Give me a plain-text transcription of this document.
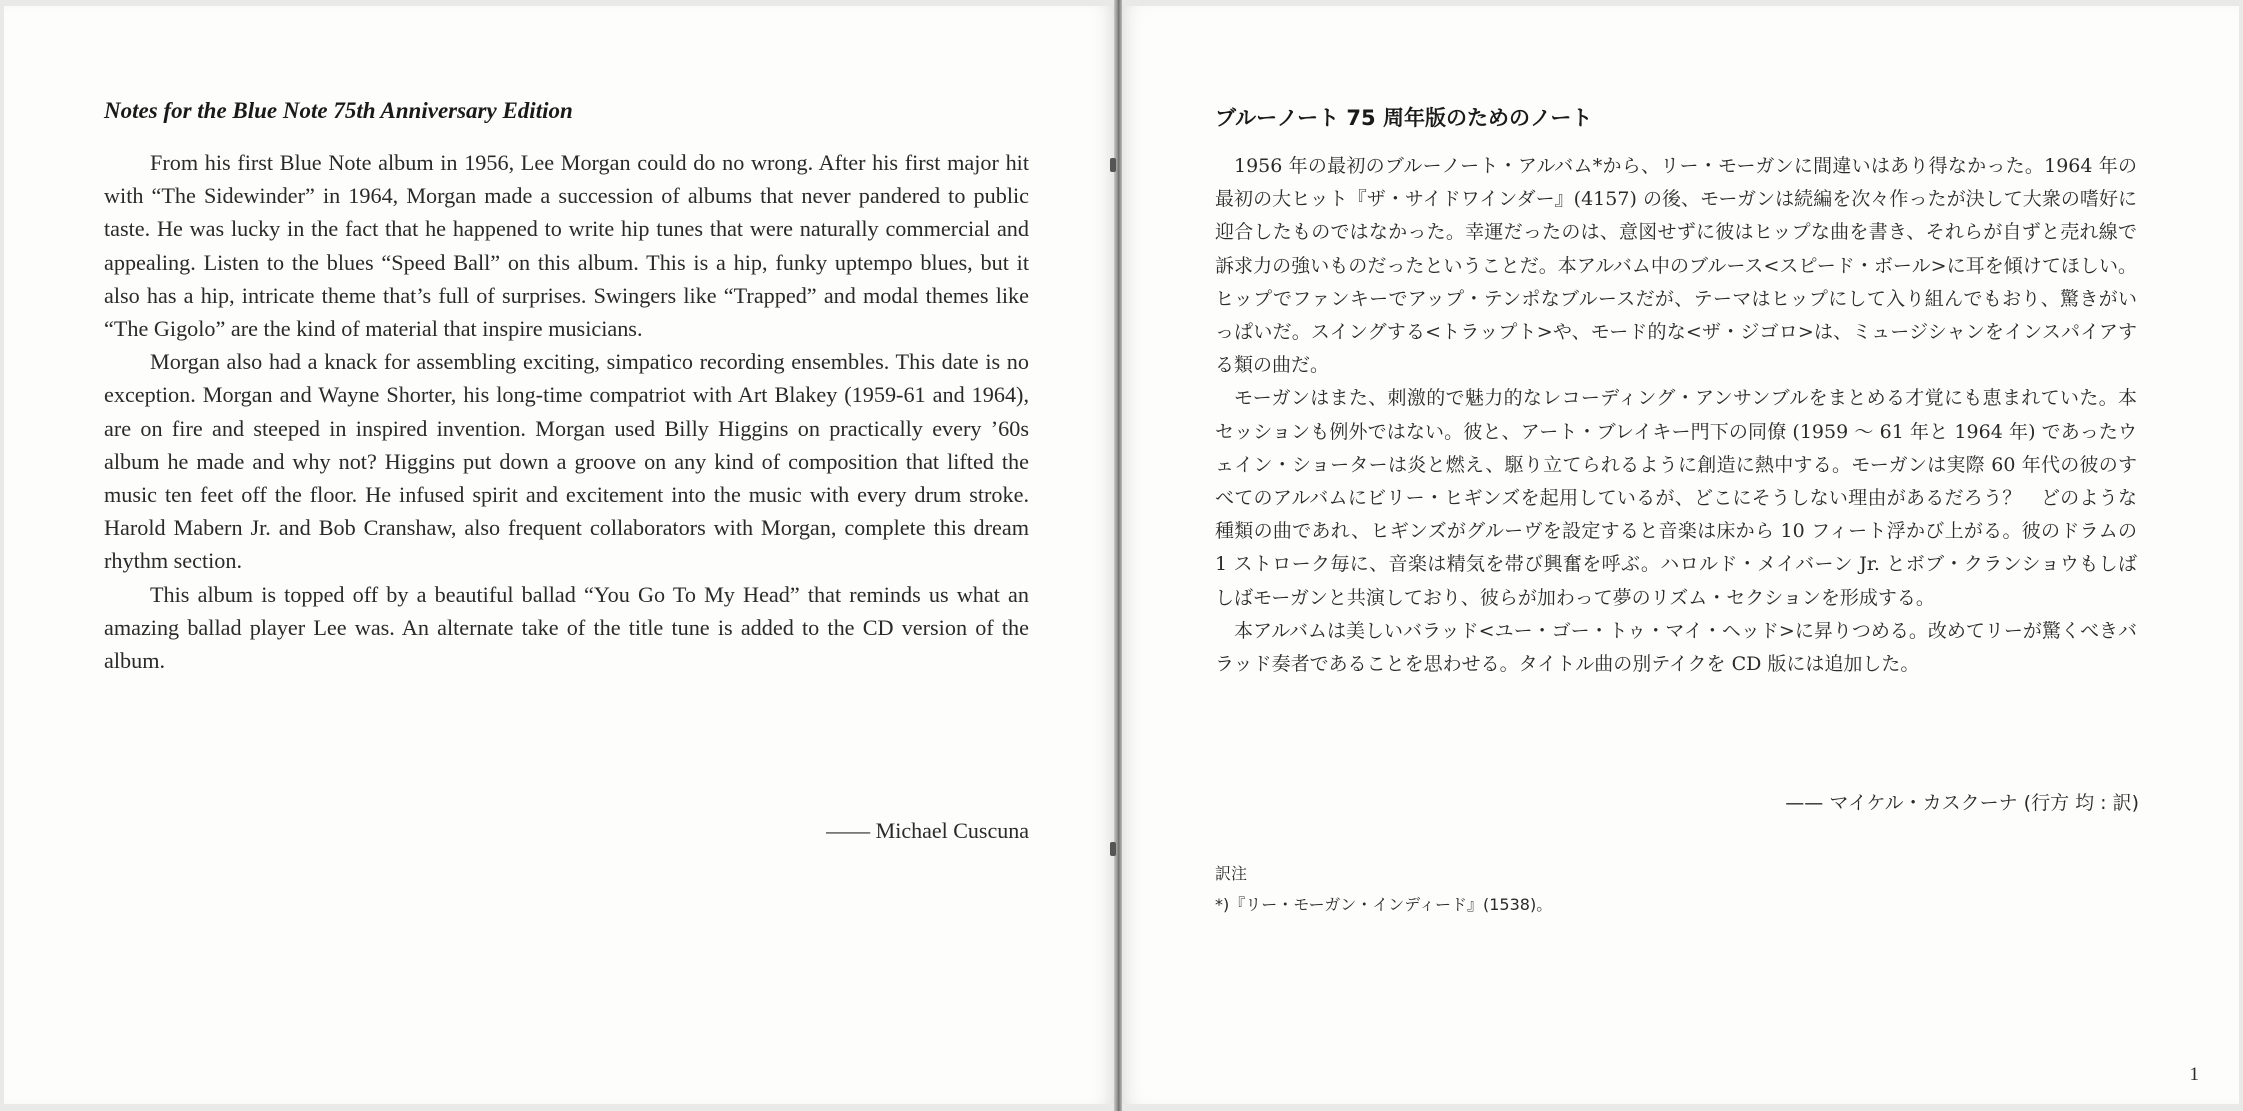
Notes for the Blue Note 75th Anniversary Edition

From his first Blue Note album in 1956, Lee Morgan could do no wrong. After his first major hit with “The Sidewinder” in 1964, Morgan made a succession of albums that never pandered to public taste. He was lucky in the fact that he happened to write hip tunes that were naturally commercial and appealing. Listen to the blues “Speed Ball” on this album. This is a hip, funky uptempo blues, but it also has a hip, intricate theme that’s full of surprises. Swingers like “Trapped” and modal themes like “The Gigolo” are the kind of material that inspire musicians.

Morgan also had a knack for assembling exciting, simpatico recording ensembles. This date is no exception. Morgan and Wayne Shorter, his long-time compatriot with Art Blakey (1959-61 and 1964), are on fire and steeped in inspired invention. Morgan used Billy Higgins on practically every ’60s album he made and why not? Higgins put down a groove on any kind of composition that lifted the music ten feet off the floor. He infused spirit and excitement into the music with every drum stroke. Harold Mabern Jr. and Bob Cranshaw, also frequent collaborators with Morgan, complete this dream rhythm section.

This album is topped off by a beautiful ballad “You Go To My Head” that reminds us what an amazing ballad player Lee was. An alternate take of the title tune is added to the CD version of the album.

—— Michael Cuscuna
ブルーノート 75 周年版のためのノート

1956 年の最初のブルーノート・アルバム*から、リー・モーガンに間違いはあり得なかった。1964 年の最初の大ヒット『ザ・サイドワインダー』(4157) の後、モーガンは続編を次々作ったが決して大衆の嗜好に迎合したものではなかった。幸運だったのは、意図せずに彼はヒップな曲を書き、それらが自ずと売れ線で訴求力の強いものだったということだ。本アルバム中のブルース<スピード・ボール>に耳を傾けてほしい。ヒップでファンキーでアップ・テンポなブルースだが、テーマはヒップにして入り組んでもおり、驚きがいっぱいだ。スイングする<トラップト>や、モード的な<ザ・ジゴロ>は、ミュージシャンをインスパイアする類の曲だ。

モーガンはまた、刺激的で魅力的なレコーディング・アンサンブルをまとめる才覚にも恵まれていた。本セッションも例外ではない。彼と、アート・ブレイキー門下の同僚 (1959 ～ 61 年と 1964 年) であったウェイン・ショーターは炎と燃え、駆り立てられるように創造に熱中する。モーガンは実際 60 年代の彼のすべてのアルバムにビリー・ヒギンズを起用しているが、どこにそうしない理由があるだろう？　どのような種類の曲であれ、ヒギンズがグルーヴを設定すると音楽は床から 10 フィート浮かび上がる。彼のドラムの 1 ストローク毎に、音楽は精気を帯び興奮を呼ぶ。ハロルド・メイバーン Jr. とボブ・クランショウもしばしばモーガンと共演しており、彼らが加わって夢のリズム・セクションを形成する。

本アルバムは美しいバラッド<ユー・ゴー・トゥ・マイ・ヘッド>に昇りつめる。改めてリーが驚くべきバラッド奏者であることを思わせる。タイトル曲の別テイクを CD 版には追加した。

—— マイケル・カスクーナ (行方 均 : 訳)
訳注
*)『リー・モーガン・インディード』(1538)。
1
